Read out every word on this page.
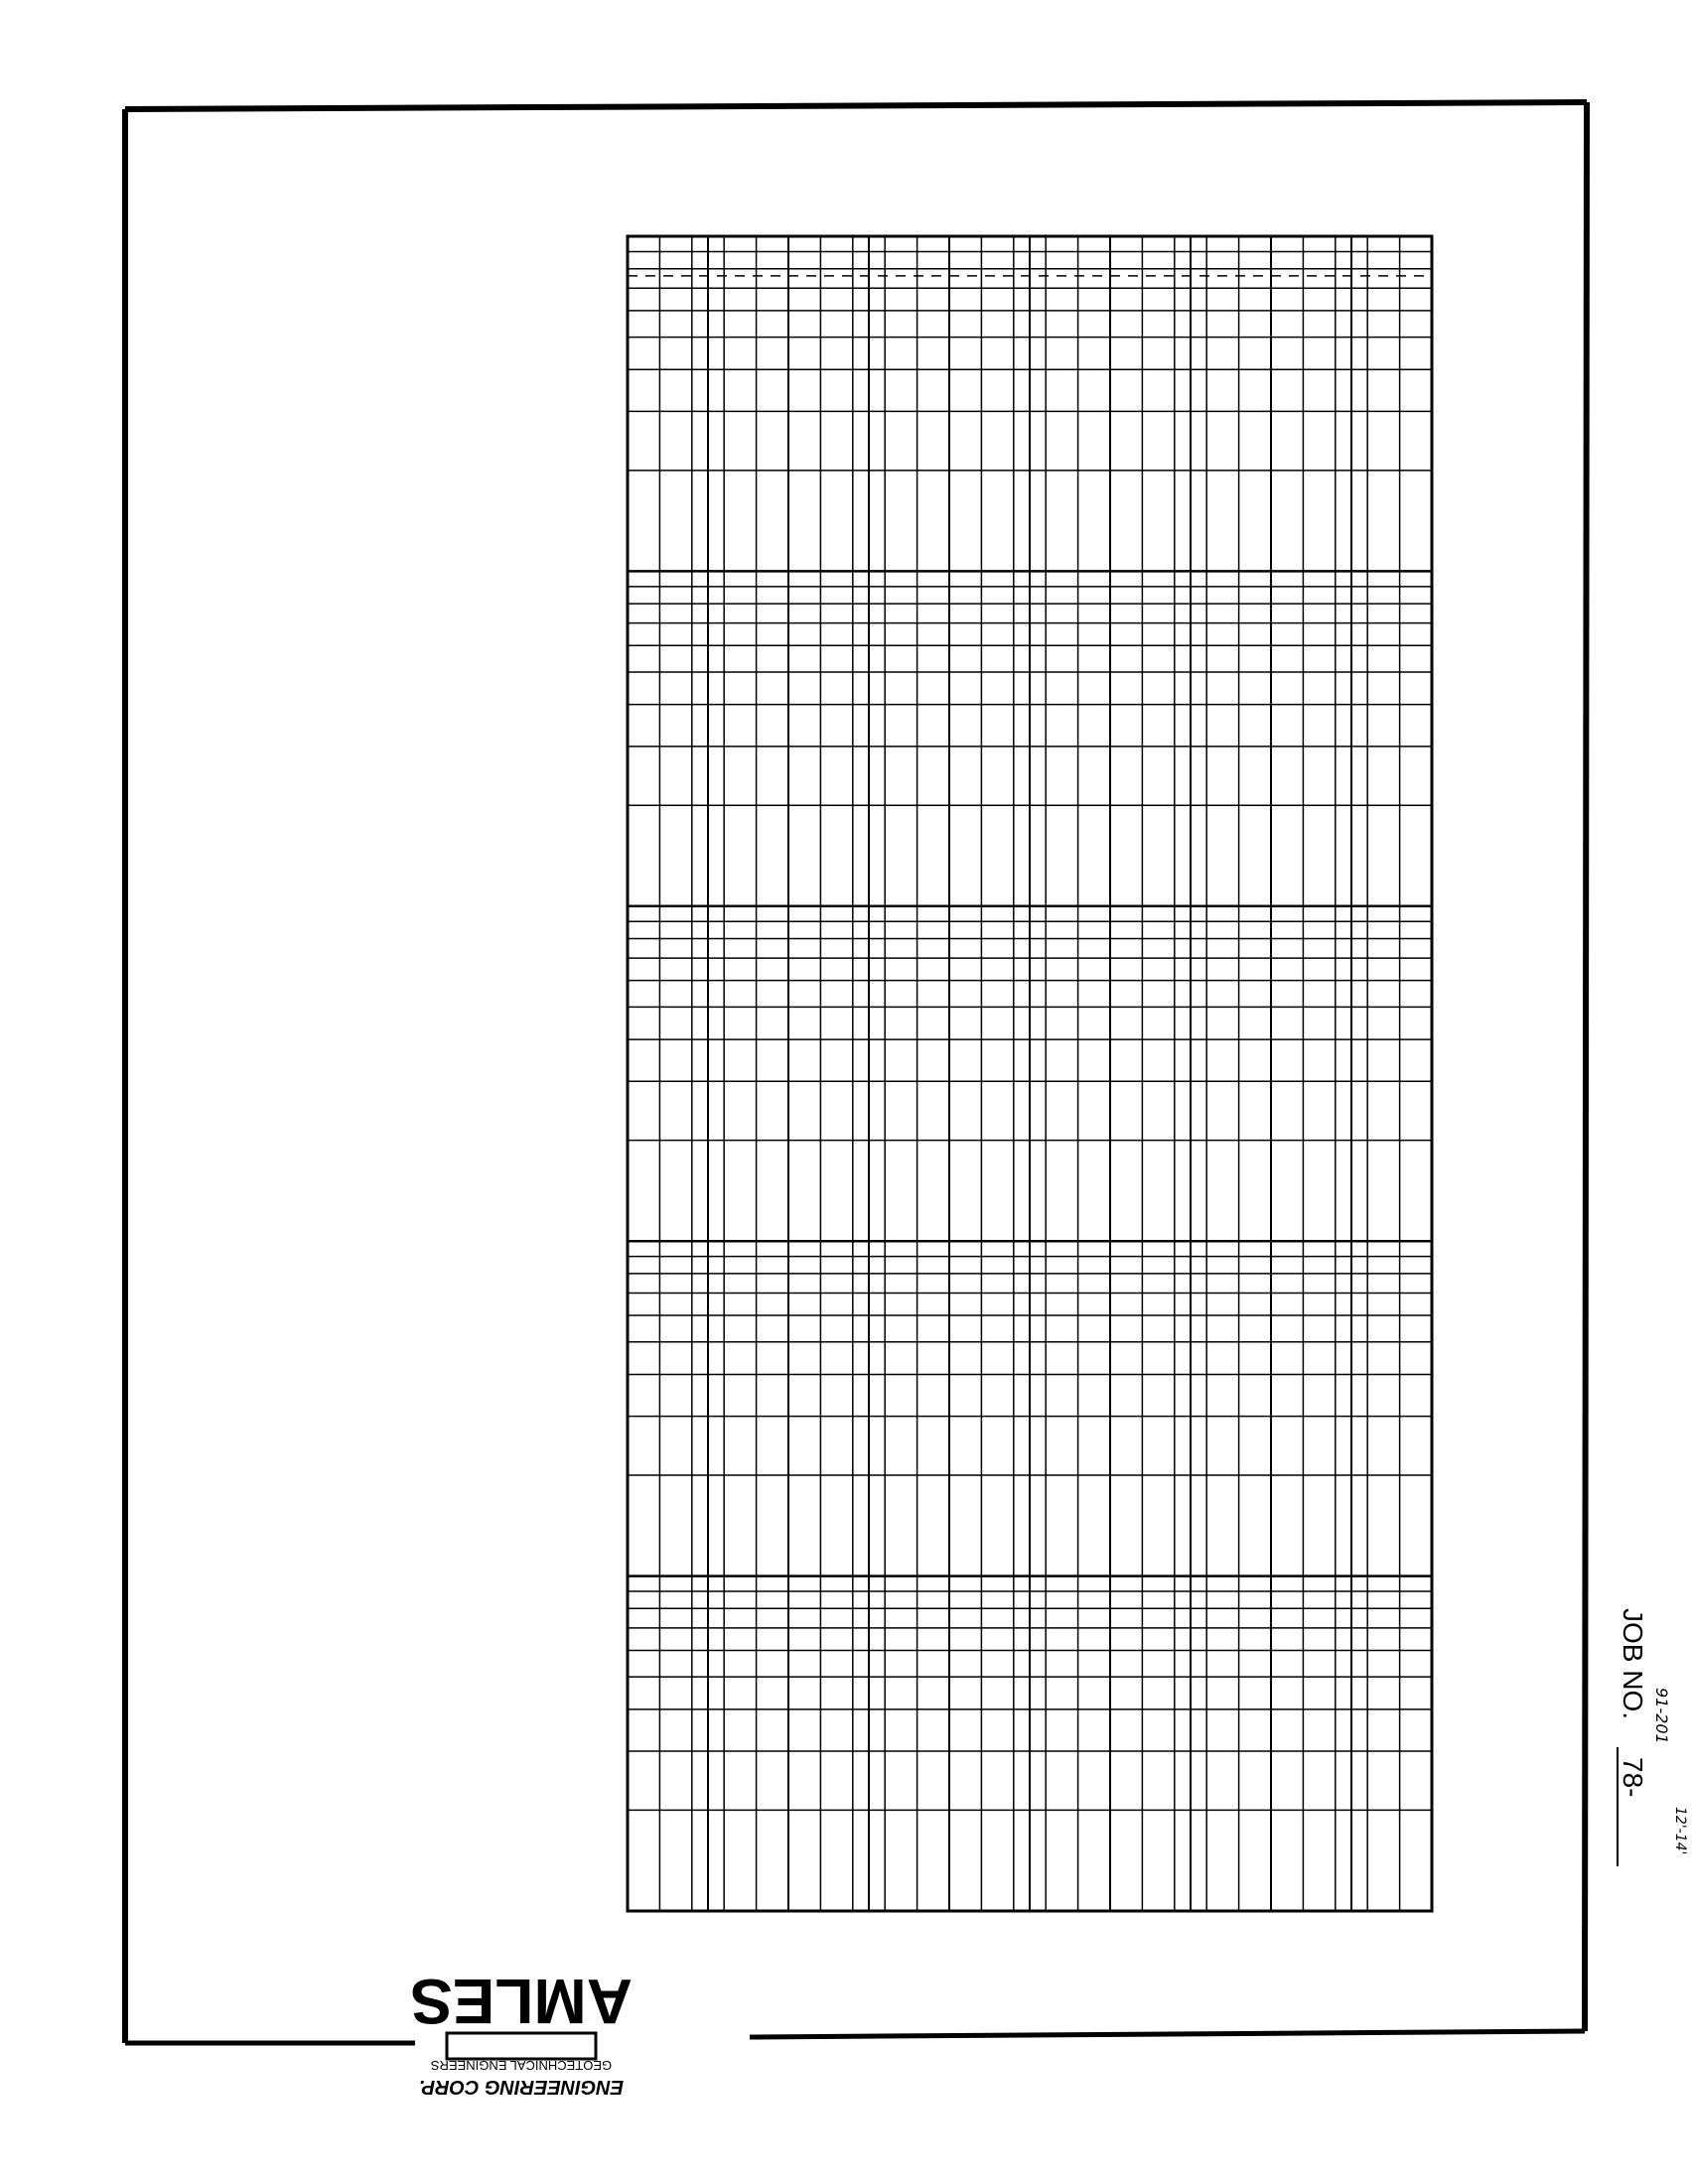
GEOTECHNICAL ENGINEERS
ENGINEERING CORP.
AMLES
JOB NO.
78-
91-201
12'-14'
